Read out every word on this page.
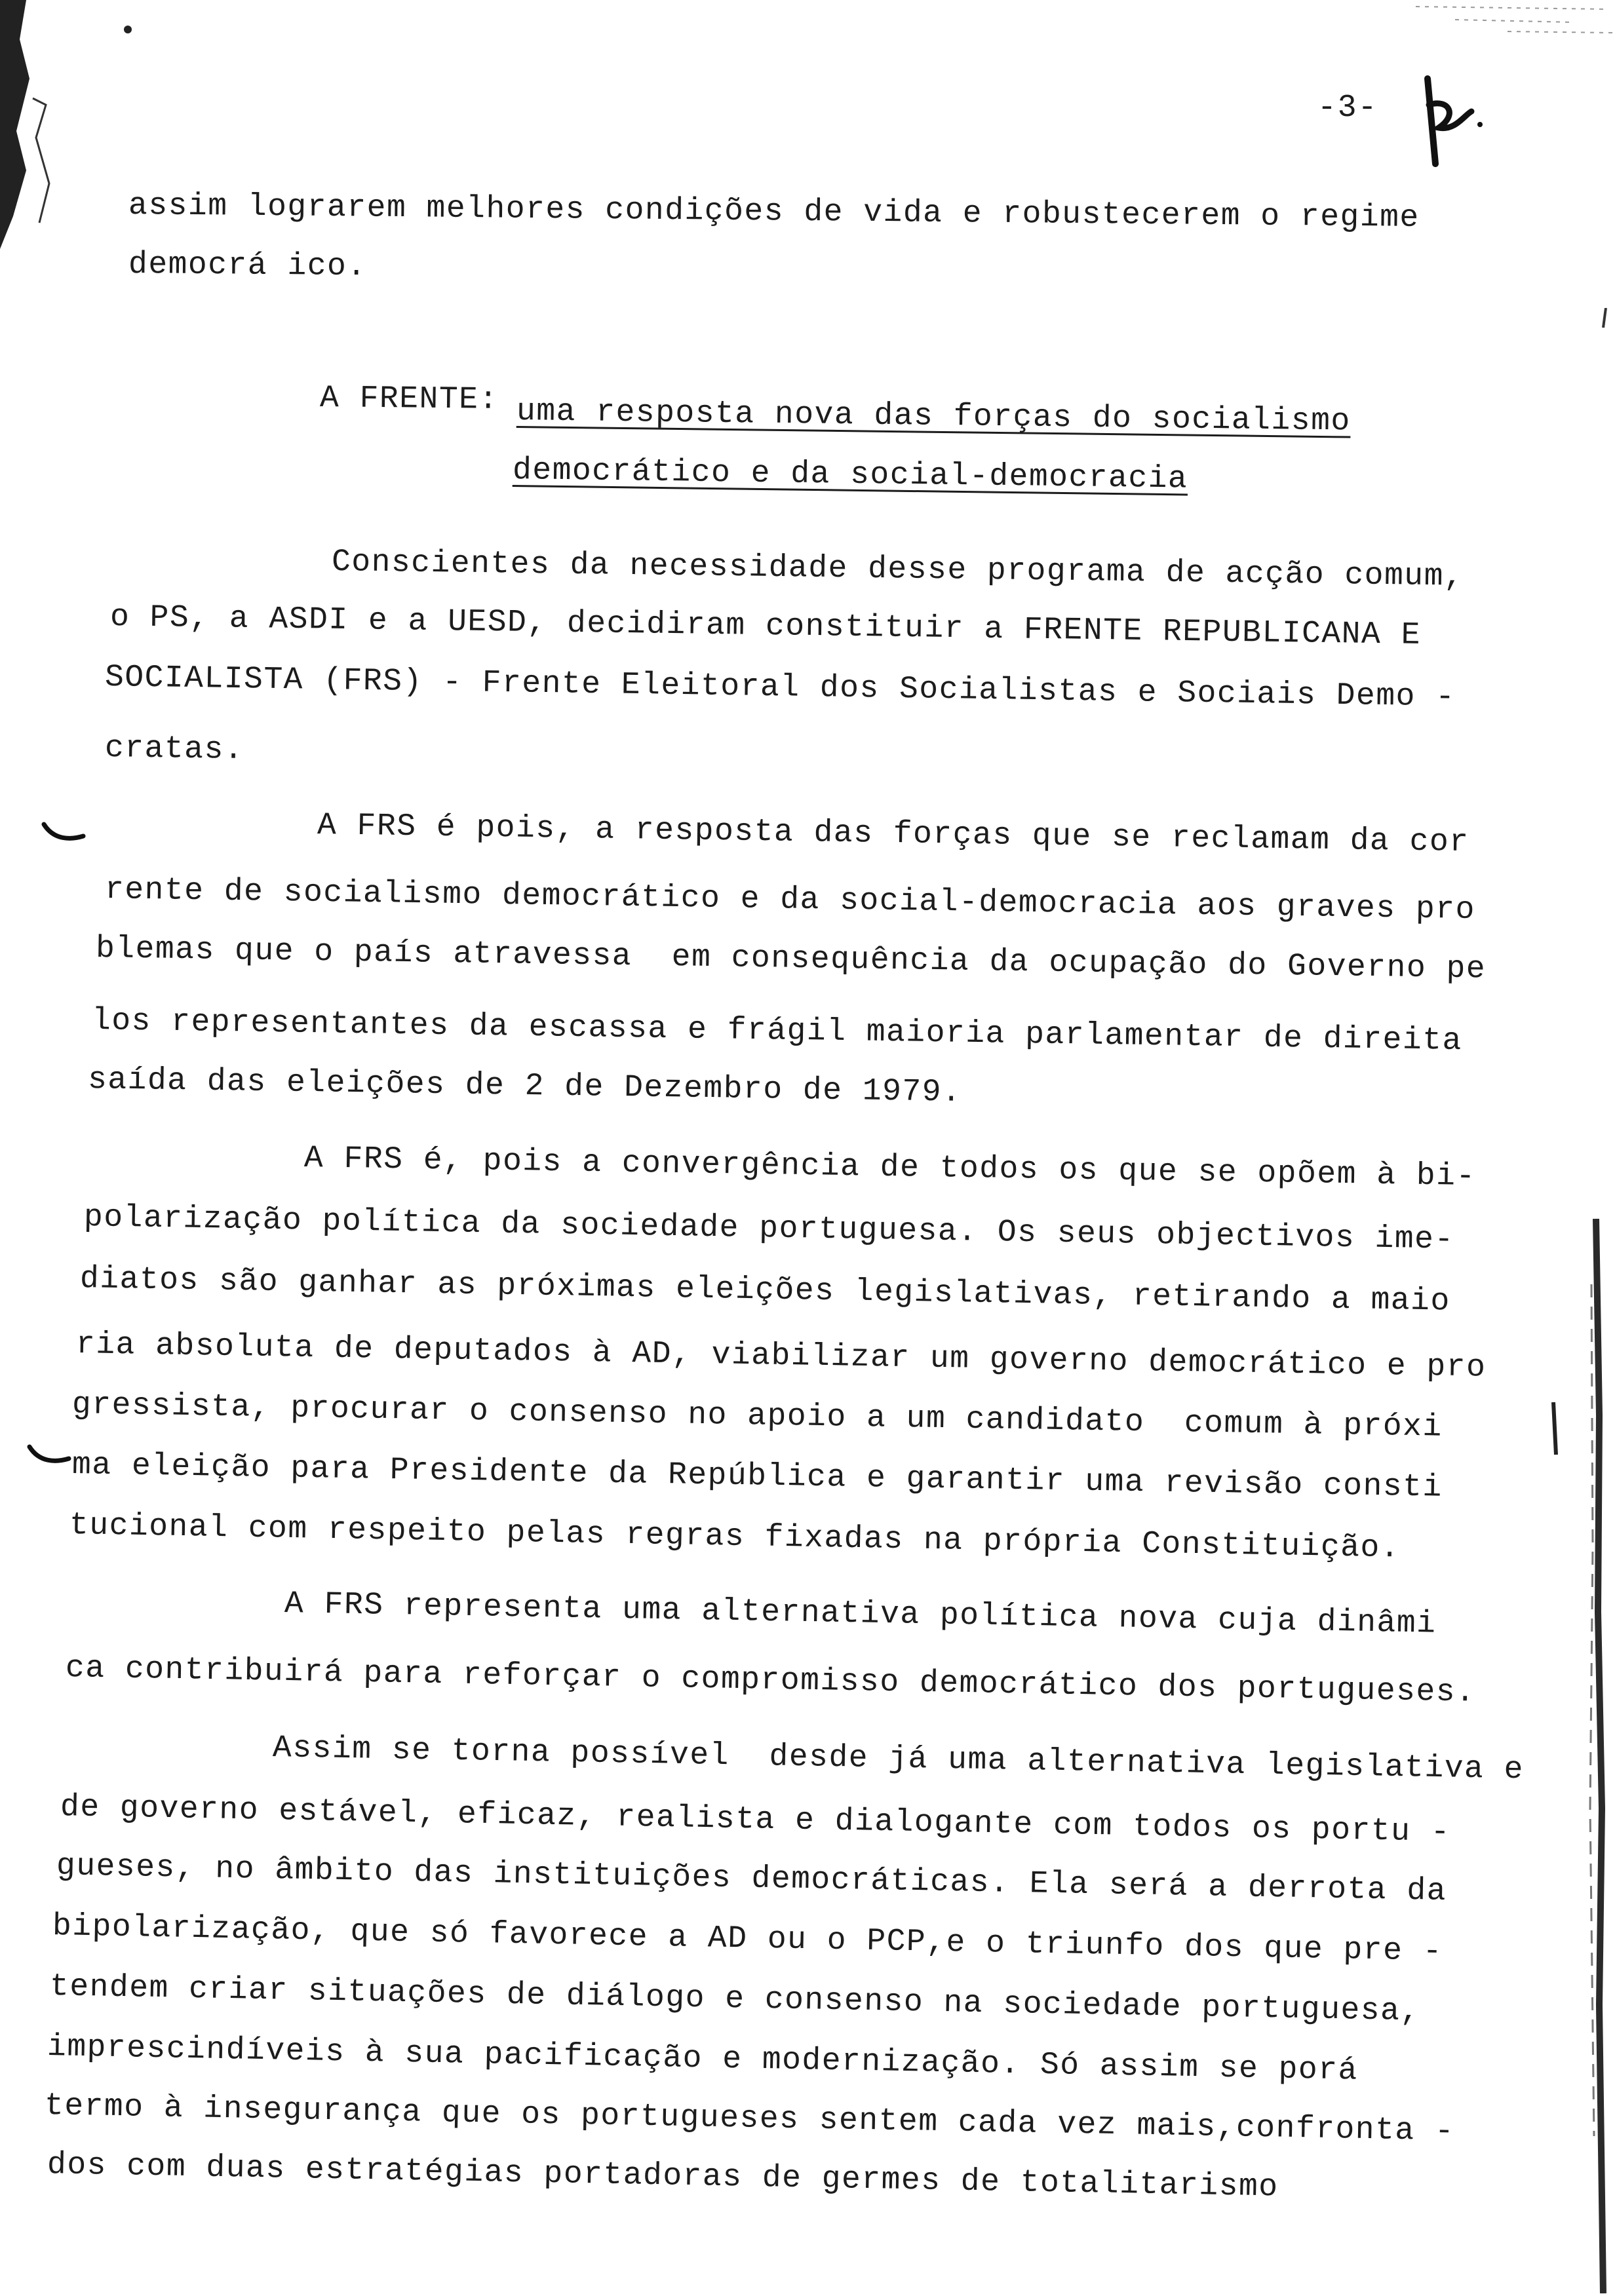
-3-
assim lograrem melhores condições de vida e robustecerem o regime
democrá ico.
A FRENTE: uma resposta nova das forças do socialismo
democrático e da social-democracia
Conscientes da necessidade desse programa de acção comum,
o PS, a ASDI e a UESD, decidiram constituir a FRENTE REPUBLICANA E
SOCIALISTA (FRS) - Frente Eleitoral dos Socialistas e Sociais Demo -
cratas.
A FRS é pois, a resposta das forças que se reclamam da cor
rente de socialismo democrático e da social-democracia aos graves pro
blemas que o país atravessa  em consequência da ocupação do Governo pe
los representantes da escassa e frágil maioria parlamentar de direita
saída das eleições de 2 de Dezembro de 1979.
A FRS é, pois a convergência de todos os que se opõem à bi-
polarização política da sociedade portuguesa. Os seus objectivos ime-
diatos são ganhar as próximas eleições legislativas, retirando a maio
ria absoluta de deputados à AD, viabilizar um governo democrático e pro
gressista, procurar o consenso no apoio a um candidato  comum à próxi
ma eleição para Presidente da República e garantir uma revisão consti
tucional com respeito pelas regras fixadas na própria Constituição.
A FRS representa uma alternativa política nova cuja dinâmi
ca contribuirá para reforçar o compromisso democrático dos portugueses.
Assim se torna possível  desde já uma alternativa legislativa e
de governo estável, eficaz, realista e dialogante com todos os portu -
gueses, no âmbito das instituições democráticas. Ela será a derrota da
bipolarização, que só favorece a AD ou o PCP,e o triunfo dos que pre -
tendem criar situações de diálogo e consenso na sociedade portuguesa,
imprescindíveis à sua pacificação e modernização. Só assim se porá
termo à insegurança que os portugueses sentem cada vez mais,confronta -
dos com duas estratégias portadoras de germes de totalitarismo
